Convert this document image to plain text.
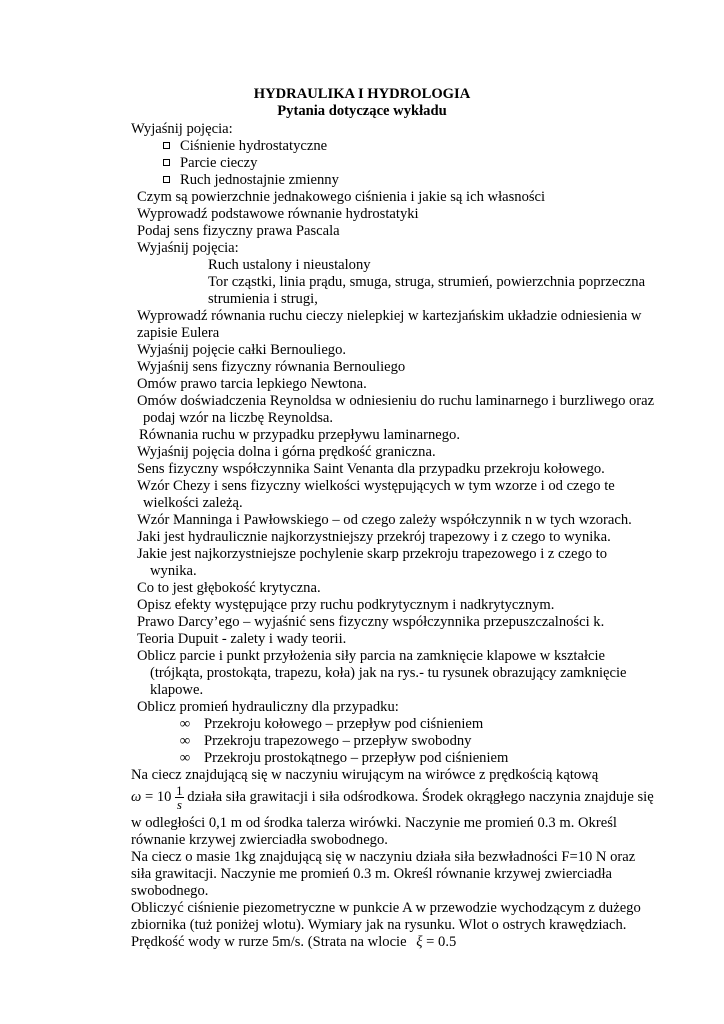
HYDRAULIKA I HYDROLOGIA
Pytania dotyczące wykładu
Wyjaśnij pojęcia:
Ciśnienie hydrostatyczne
Parcie cieczy
Ruch jednostajnie zmienny
Czym są powierzchnie jednakowego ciśnienia i jakie są ich własności
Wyprowadź podstawowe równanie hydrostatyki
Podaj sens fizyczny prawa Pascala
Wyjaśnij pojęcia:
Ruch ustalony i nieustalony
Tor cząstki, linia prądu, smuga, struga, strumień, powierzchnia poprzeczna
strumienia i strugi,
Wyprowadź równania ruchu cieczy nielepkiej w kartezjańskim układzie odniesienia w
zapisie Eulera
Wyjaśnij pojęcie całki Bernouliego.
Wyjaśnij sens fizyczny równania Bernouliego
Omów prawo tarcia lepkiego Newtona.
Omów doświadczenia Reynoldsa w odniesieniu do ruchu laminarnego i burzliwego oraz
podaj wzór na liczbę Reynoldsa.
Równania ruchu w przypadku przepływu laminarnego.
Wyjaśnij pojęcia dolna i górna prędkość graniczna.
Sens fizyczny współczynnika Saint Venanta dla przypadku przekroju kołowego.
Wzór Chezy i sens fizyczny wielkości występujących w tym wzorze i od czego te
wielkości zależą.
Wzór Manninga i Pawłowskiego – od czego zależy współczynnik n w tych wzorach.
Jaki jest hydraulicznie najkorzystniejszy przekrój trapezowy i z czego to wynika.
Jakie jest najkorzystniejsze pochylenie skarp przekroju trapezowego i z czego to
wynika.
Co to jest głębokość krytyczna.
Opisz efekty występujące przy ruchu podkrytycznym i nadkrytycznym.
Prawo Darcy’ego – wyjaśnić sens fizyczny współczynnika przepuszczalności k.
Teoria Dupuit - zalety i wady teorii.
Oblicz parcie i punkt przyłożenia siły parcia na zamknięcie klapowe w kształcie
(trójkąta, prostokąta, trapezu, koła) jak na rys.- tu rysunek obrazujący zamknięcie
klapowe.
Oblicz promień hydrauliczny dla przypadku:
∞ Przekroju kołowego – przepływ pod ciśnieniem
∞ Przekroju trapezowego – przepływ swobodny
∞ Przekroju prostokątnego – przepływ pod ciśnieniem
Na ciecz znajdującą się w naczyniu wirującym na wirówce z prędkością kątową
$\omega = 10 \frac{1}{s}$ działa siła grawitacji i siła odśrodkowa. Środek okrągłego naczynia znajduje się
w odległości 0,1 m od środka talerza wirówki. Naczynie me promień 0.3 m. Określ
równanie krzywej zwierciadła swobodnego.
Na ciecz o masie 1kg znajdującą się w naczyniu działa siła bezwładności F=10 N oraz
siła grawitacji. Naczynie me promień 0.3 m. Określ równanie krzywej zwierciadła
swobodnego.
Obliczyć ciśnienie piezometryczne w punkcie A w przewodzie wychodzącym z dużego
zbiornika (tuż poniżej wlotu). Wymiary jak na rysunku. Wlot o ostrych krawędziach.
Prędkość wody w rurze 5m/s. (Strata na wlocie ξ = 0.5
